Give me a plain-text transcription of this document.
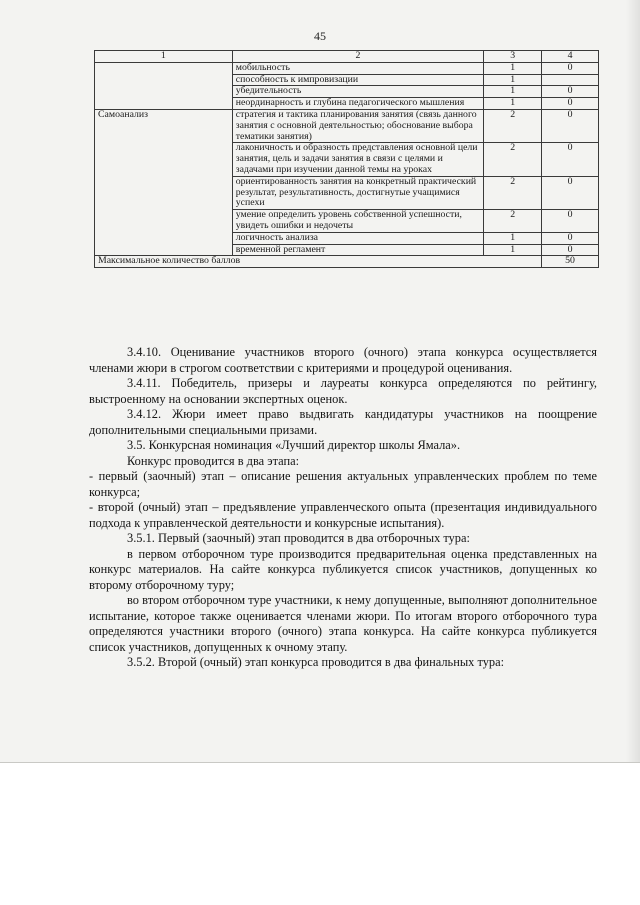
45
1	2	3	4
	мобильность	1	0
	способность к импровизации	1	
	убедительность	1	0
	неординарность и глубина педагогического мышления	1	0
Самоанализ	стратегия и тактика планирования занятия (связь данного занятия с основной деятельностью; обоснование выбора тематики занятия)	2	0
	лаконичность и образность представления основной цели занятия, цель и задачи занятия в связи с целями и задачами при изучении данной темы на уроках	2	0
	ориентированность занятия на конкретный практический результат, результативность, достигнутые учащимися успехи	2	0
	умение определить уровень собственной успешности, увидеть ошибки и недочеты	2	0
	логичность анализа	1	0
	временной регламент	1	0
Максимальное количество баллов			50

3.4.10. Оценивание участников второго (очного) этапа конкурса осуществляется членами жюри в строгом соответствии с критериями и процедурой оценивания.

3.4.11. Победитель, призеры и лауреаты конкурса определяются по рейтингу, выстроенному на основании экспертных оценок.

3.4.12. Жюри имеет право выдвигать кандидатуры участников на поощрение дополнительными специальными призами.

3.5. Конкурсная номинация «Лучший директор школы Ямала».

Конкурс проводится в два этапа:

- первый (заочный) этап – описание решения актуальных управленческих проблем по теме конкурса;

- второй (очный) этап – предъявление управленческого опыта (презентация индивидуального подхода к управленческой деятельности и конкурсные испытания).

3.5.1. Первый (заочный) этап проводится в два отборочных тура:

в первом отборочном туре производится предварительная оценка представленных на конкурс материалов. На сайте конкурса публикуется список участников, допущенных ко второму отборочному туру;

во втором отборочном туре участники, к нему допущенные, выполняют дополнительное испытание, которое также оценивается членами жюри. По итогам второго отборочного тура определяются участники второго (очного) этапа конкурса. На сайте конкурса публикуется список участников, допущенных к очному этапу.

3.5.2. Второй (очный) этап конкурса проводится в два финальных тура:
